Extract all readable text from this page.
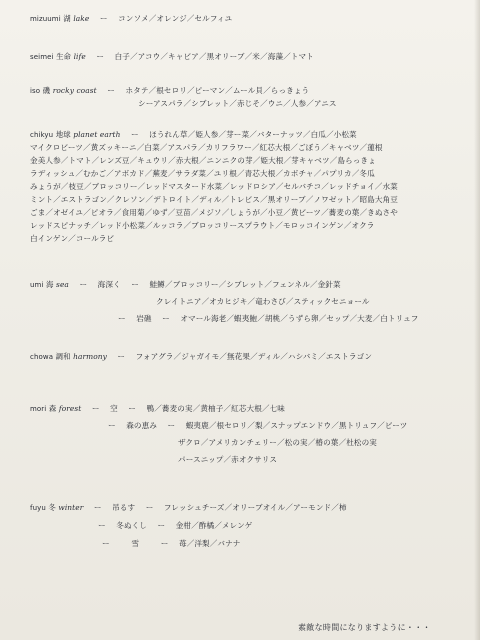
mizuumi 湖 lake ー コンソメ／オレンジ／セルフィユ
seimei 生命 life ー 白子／アコウ／キャビア／黒オリーブ／米／海藻／トマト
iso 磯 rocky coast ー ホタテ／根セロリ／ピーマン／ムール貝／らっきょう
シーアスパラ／シブレット／赤じそ／ウニ／人参／アニス
chikyu 地球 planet earth ー ほうれん草／姫人参／芽ー菜／バターナッツ／白瓜／小松菜
マイクロビーツ／黄ズッキーニ／白菜／アスパラ／カリフラワー／紅芯大根／ごぼう／キャベツ／蓮根
金美人参／トマト／レンズ豆／キュウリ／赤大根／ニンニクの芽／姫大根／芽キャベツ／島らっきょ
ラディッシュ／むかご／アボカド／蕪麦／サラダ菜／ユリ根／青芯大根／カボチャ／パプリカ／冬瓜
みょうが／枝豆／ブロッコリー／レッドマスタード水菜／レッドロシア／セルバチコ／レッドチョイ／水菜
ミント／エストラゴン／クレソン／デトロイト／ディル／トレビス／黒オリーブ／ノワゼット／昭島大角豆
ごま／オゼイユ／ピオラ／食用菊／ゆず／豆苗／メジソ／しょうが／小豆／黄ビーツ／蕎麦の葉／きぬさや
レッドスピナッチ／レッド小松菜／ルッコラ／ブロッコリースプラウト／モロッコインゲン／オクラ
白インゲン／コールラビ
umi 海 sea ー 海深く ー 鮭鱒／ブロッコリー／シブレット／フェンネル／金針菜
クレイトニア／オカヒジキ／竜わさび／スティックセニョール
ー 岩礁 ー オマール海老／蝦夷鮑／胡桃／うずら卵／セップ／大麦／白トリュフ
chowa 調和 harmony ー フォアグラ／ジャガイモ／無花果／ディル／ハシバミ／エストラゴン
mori 森 forest ー 空 ー 鴨／蕎麦の実／黄柚子／紅芯大根／七味
ー 森の恵み ー 蝦夷鹿／根セロリ／梨／スナップエンドウ／黒トリュフ／ビーツ
ザクロ／アメリカンチェリー／松の実／椿の葉／杜松の実
パースニップ／赤オクサリス
fuyu 冬 winter ー 吊るす ー フレッシュチーズ／オリーブオイル／アーモンド／柿
ー 冬ぬくし ー 金柑／酢橘／メレンゲ
ー	雪	ー 苺／洋梨／バナナ
素敵な時間になりますように・・・
